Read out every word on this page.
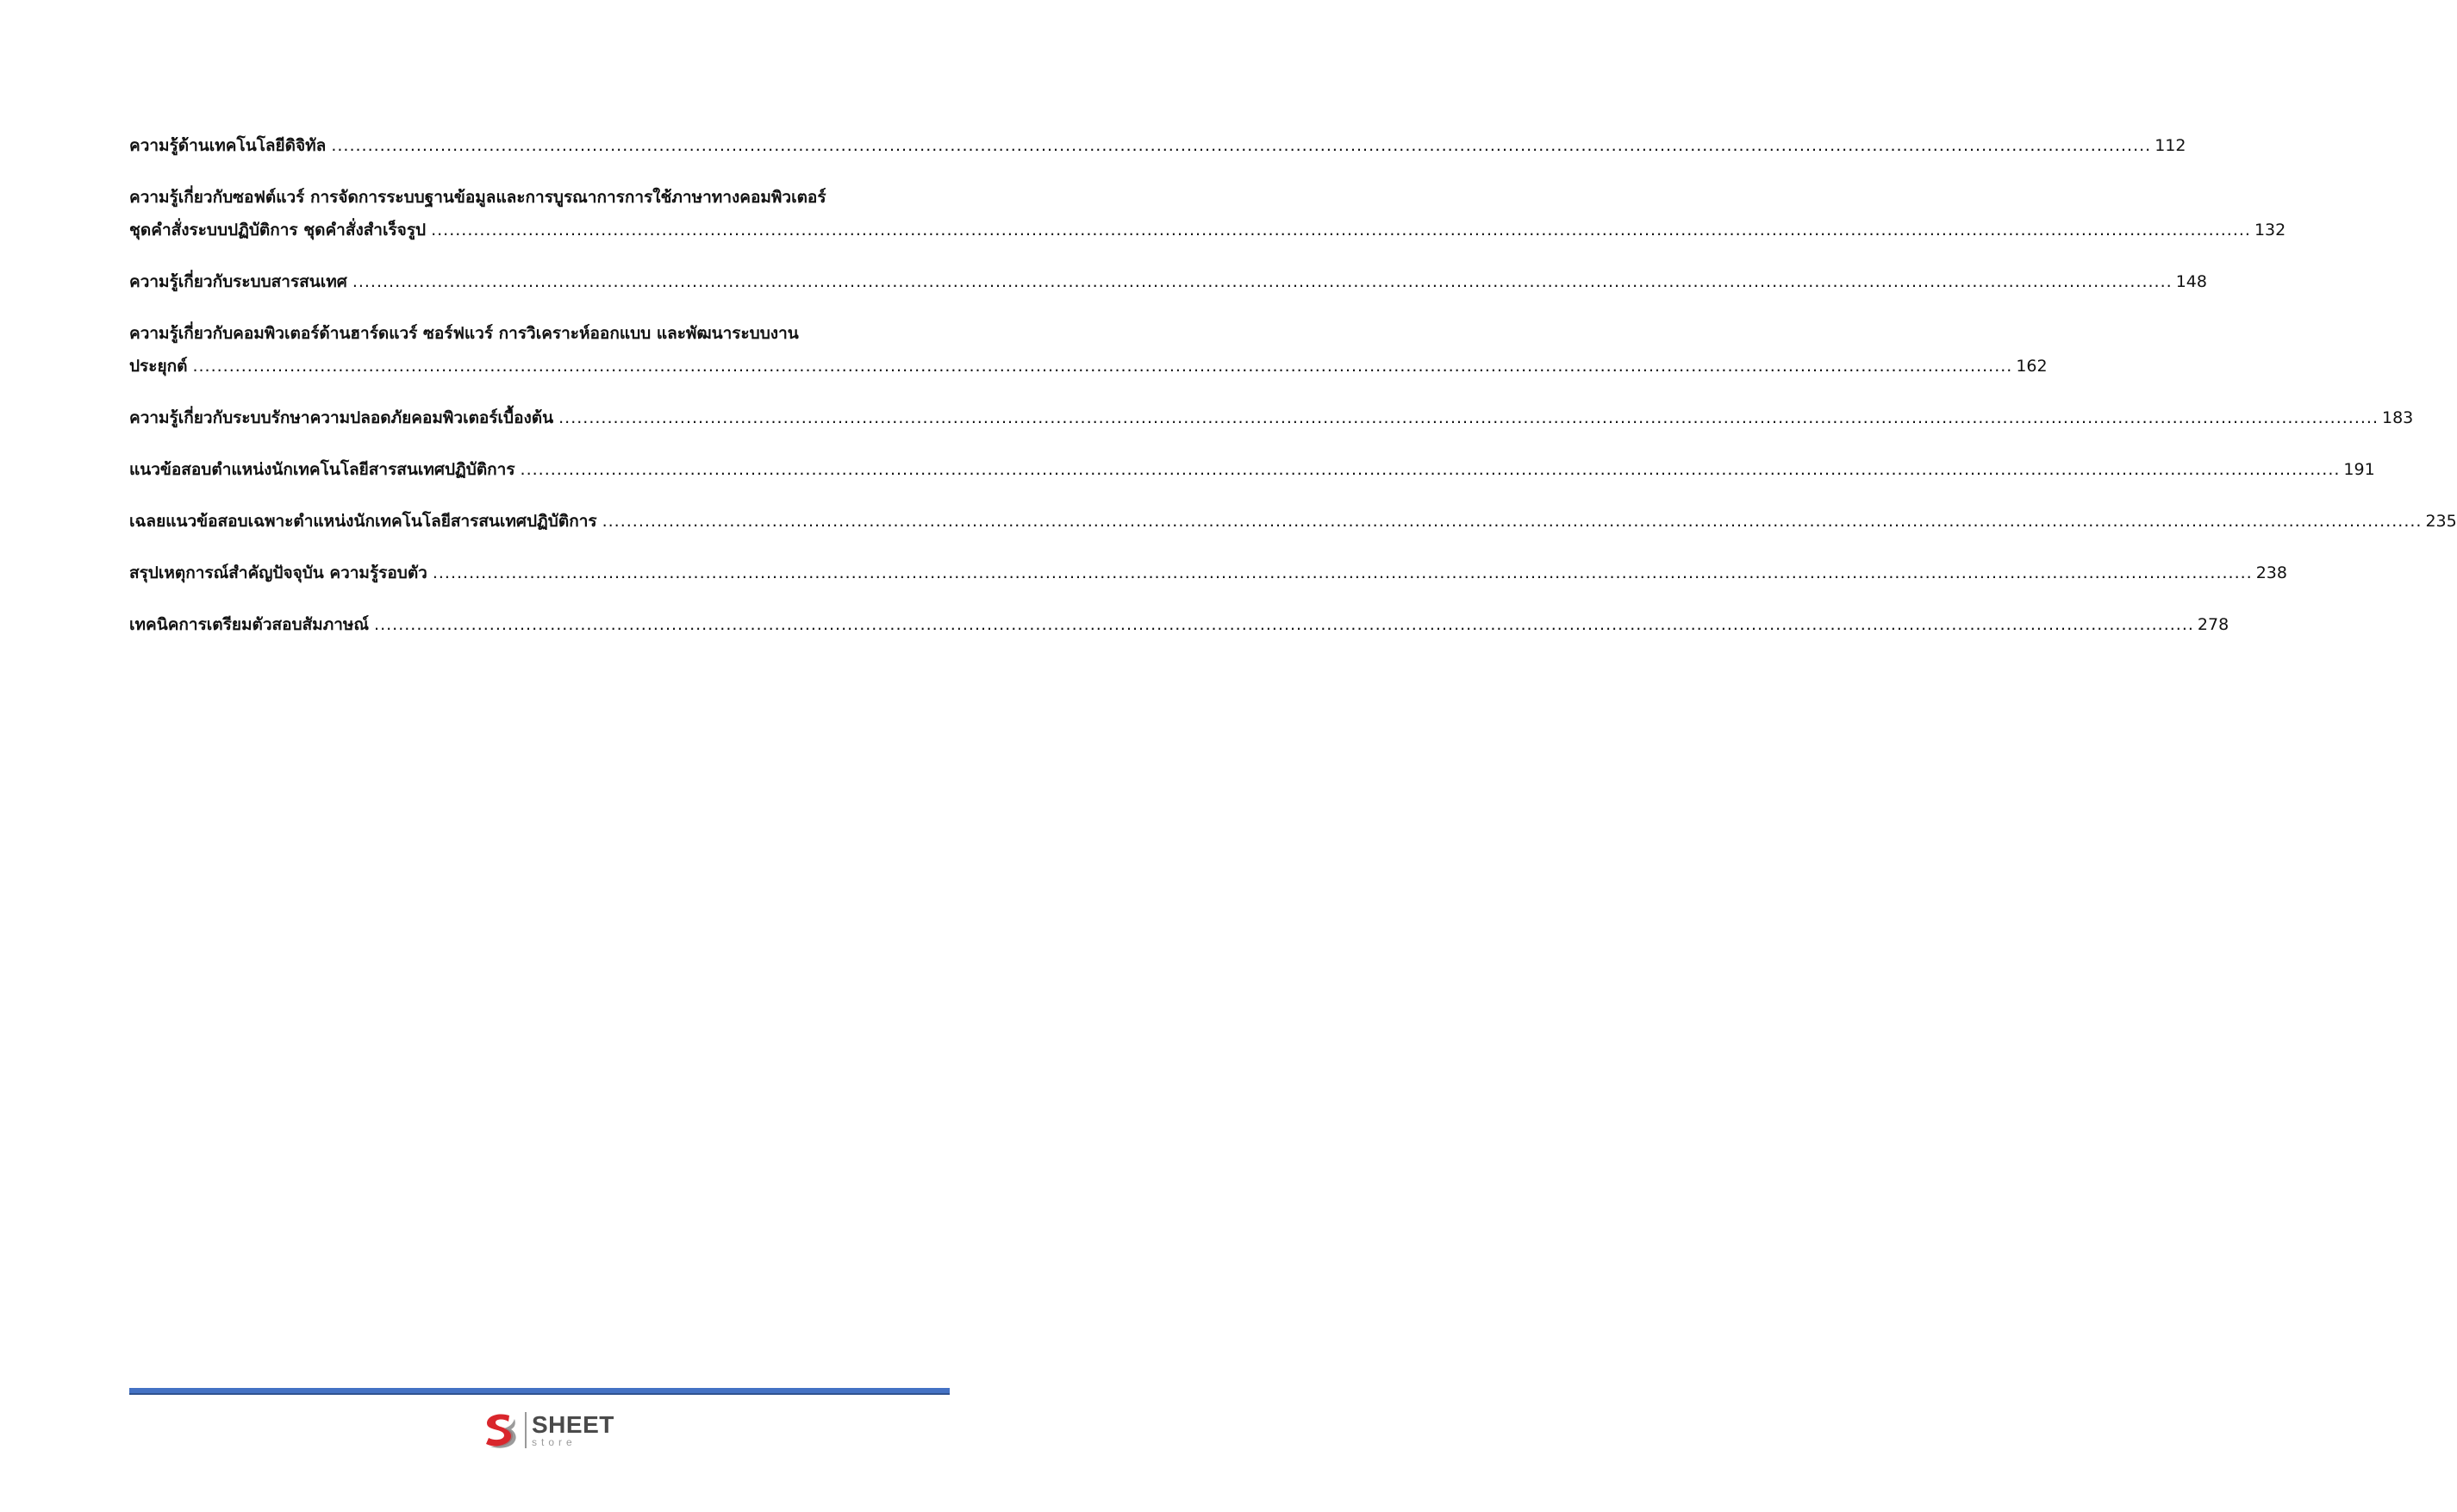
ความรู้ด้านเทคโนโลยีดิจิทัล .....	112
ความรู้เกี่ยวกับซอฟต์แวร์ การจัดการระบบฐานข้อมูลและการบูรณาการการใช้ภาษาทางคอมพิวเตอร์
ชุดคำสั่งระบบปฏิบัติการ ชุดคำสั่งสำเร็จรูป .....	132
ความรู้เกี่ยวกับระบบสารสนเทศ .....	148
ความรู้เกี่ยวกับคอมพิวเตอร์ด้านฮาร์ดแวร์ ซอร์ฟแวร์ การวิเคราะห์ออกแบบ และพัฒนาระบบงาน
ประยุกต์ .....	162
ความรู้เกี่ยวกับระบบรักษาความปลอดภัยคอมพิวเตอร์เบื้องต้น .....	183
แนวข้อสอบตำแหน่งนักเทคโนโลยีสารสนเทศปฏิบัติการ .....	191
เฉลยแนวข้อสอบเฉพาะตำแหน่งนักเทคโนโลยีสารสนเทศปฏิบัติการ .....	235
สรุปเหตุการณ์สำคัญปัจจุบัน ความรู้รอบตัว .....	238
เทคนิคการเตรียมตัวสอบสัมภาษณ์ .....	278
SHEET
store
